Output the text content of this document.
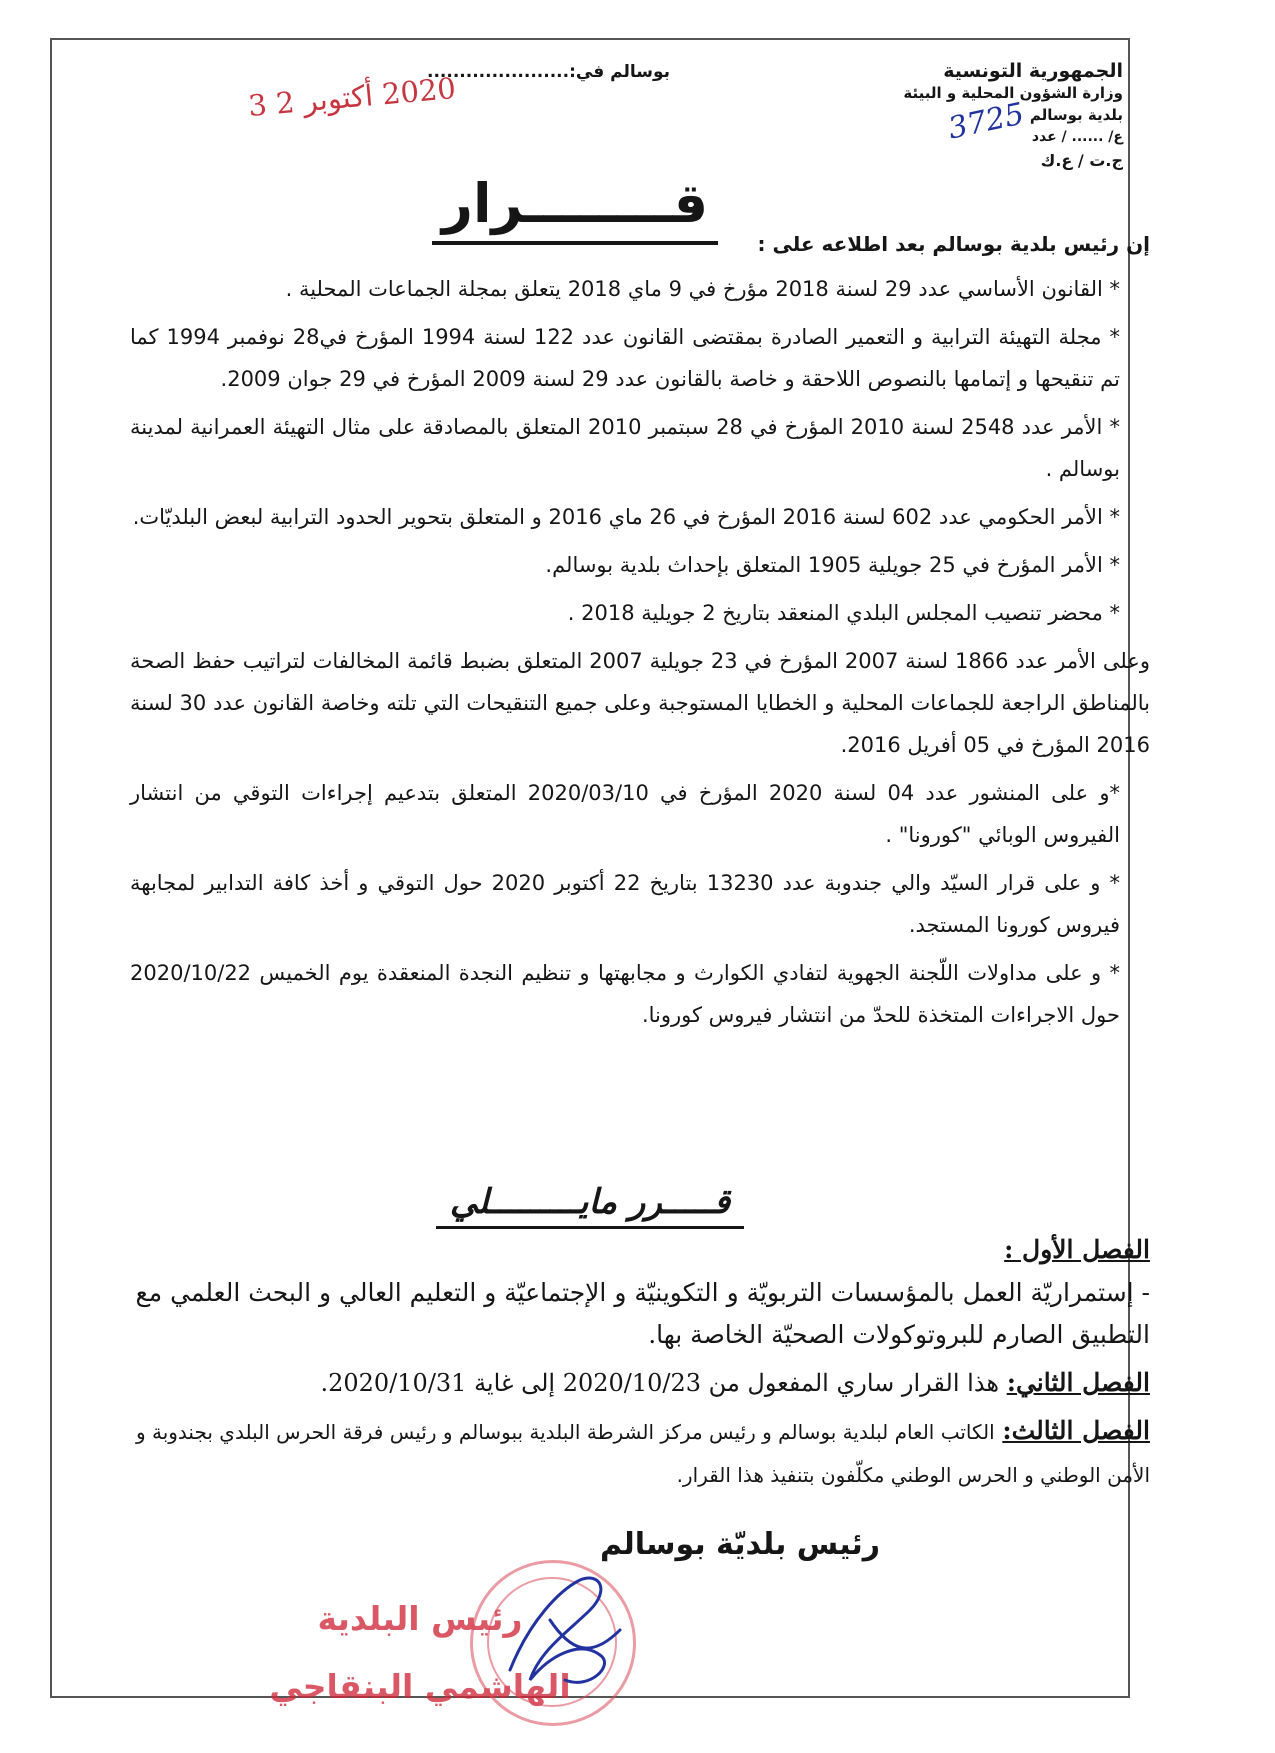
الجمهورية التونسية
وزارة الشؤون المحلية و البيئة
بلدية بوسالم
ع/ ...... / عدد
ج.ت / ع.ك
3725
بوسالم في:......................
2020 أكتوبر 2 3
قــــــــرار
إن رئيس بلدية بوسالم بعد اطلاعه على :

* القانون الأساسي عدد 29 لسنة 2018 مؤرخ في 9 ماي 2018 يتعلق بمجلة الجماعات المحلية .

* مجلة التهيئة الترابية و التعمير الصادرة بمقتضى القانون عدد 122 لسنة 1994 المؤرخ في28 نوفمبر 1994 كما تم تنقيحها و إتمامها بالنصوص اللاحقة و خاصة بالقانون عدد 29 لسنة 2009 المؤرخ في 29 جوان 2009.

* الأمر عدد 2548 لسنة 2010 المؤرخ في 28 سبتمبر 2010 المتعلق بالمصادقة على مثال التهيئة العمرانية لمدينة بوسالم .

* الأمر الحكومي عدد 602 لسنة 2016 المؤرخ في 26 ماي 2016 و المتعلق بتحوير الحدود الترابية لبعض البلديّات.

* الأمر المؤرخ في 25 جويلية 1905 المتعلق بإحداث بلدية بوسالم.

* محضر تنصيب المجلس البلدي المنعقد بتاريخ 2 جويلية 2018 .

وعلى الأمر عدد 1866 لسنة 2007 المؤرخ في 23 جويلية 2007 المتعلق بضبط قائمة المخالفات لتراتيب حفظ الصحة بالمناطق الراجعة للجماعات المحلية و الخطايا المستوجبة وعلى جميع التنقيحات التي تلته وخاصة القانون عدد 30 لسنة 2016 المؤرخ في 05 أفريل 2016.

*و على المنشور عدد 04 لسنة 2020 المؤرخ في 2020/03/10 المتعلق بتدعيم إجراءات التوقي من انتشار الفيروس الوبائي "كورونا" .

* و على قرار السيّد والي جندوبة عدد 13230 بتاريخ 22 أكتوبر 2020 حول التوقي و أخذ كافة التدابير لمجابهة فيروس كورونا المستجد.

* و على مداولات اللّجنة الجهوية لتفادي الكوارث و مجابهتها و تنظيم النجدة المنعقدة يوم الخميس 2020/10/22 حول الاجراءات المتخذة للحدّ من انتشار فيروس كورونا.

قـــــرر مايـــــــــلي
الفصل الأول :
- إستمراريّة العمل بالمؤسسات التربويّة و التكوينيّة و الإجتماعيّة و التعليم العالي و البحث العلمي مع التطبيق الصارم للبروتوكولات الصحيّة الخاصة بها.
الفصل الثاني: هذا القرار ساري المفعول من 2020/10/23 إلى غاية 2020/10/31.
الفصل الثالث: الكاتب العام لبلدية بوسالم و رئيس مركز الشرطة البلدية ببوسالم و رئيس فرقة الحرس البلدي بجندوبة و الأمن الوطني و الحرس الوطني مكلّفون بتنفيذ هذا القرار.
رئيس بلديّة بوسالم
رئيس البلدية
الهاشمي البنقاجي
